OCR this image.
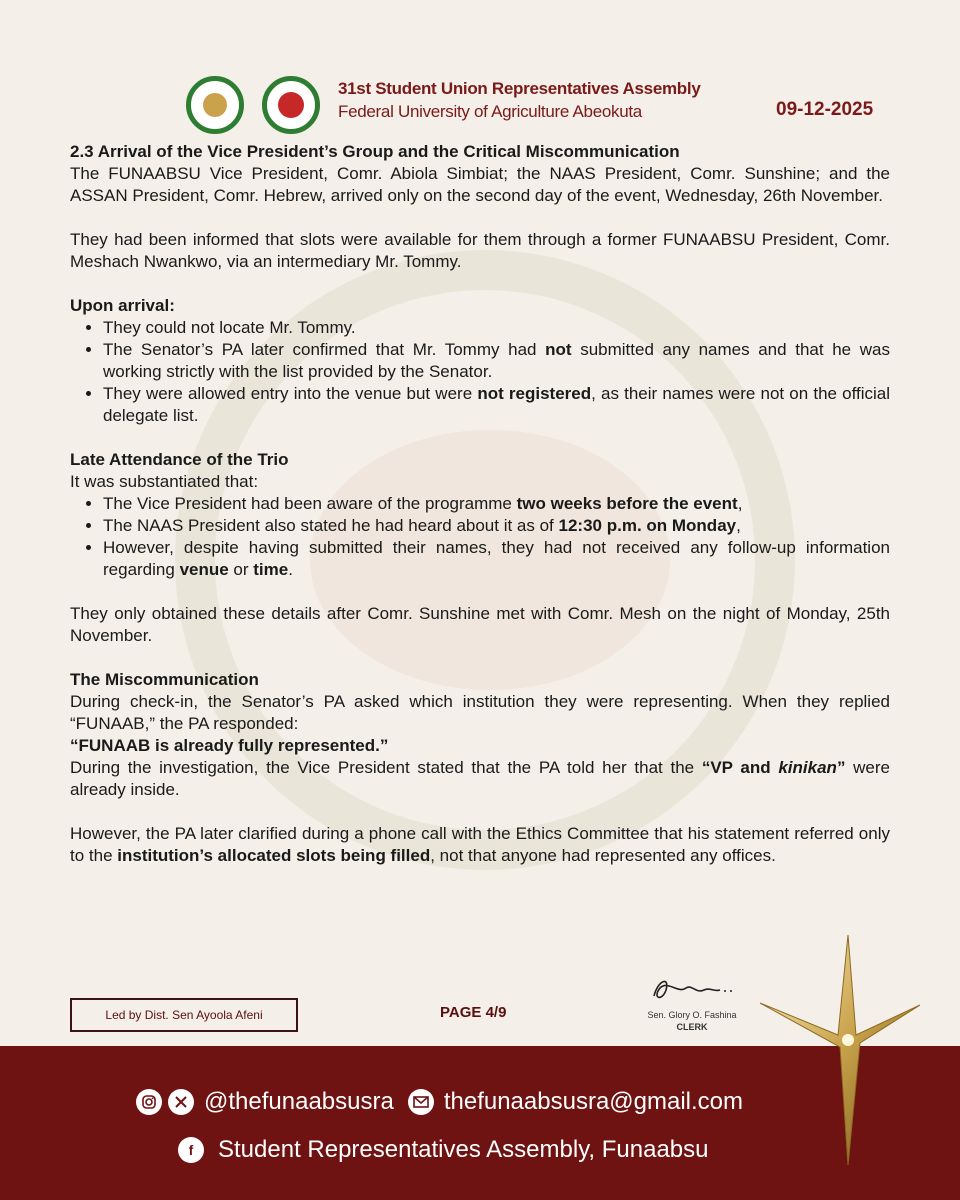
31st Student Union Representatives Assembly
Federal University of Agriculture Abeokuta	09-12-2025
2.3 Arrival of the Vice President’s Group and the Critical Miscommunication

The FUNAABSU Vice President, Comr. Abiola Simbiat; the NAAS President, Comr. Sunshine; and the ASSAN President, Comr. Hebrew, arrived only on the second day of the event, Wednesday, 26th November.

They had been informed that slots were available for them through a former FUNAABSU President, Comr. Meshach Nwankwo, via an intermediary Mr. Tommy.

Upon arrival:
• They could not locate Mr. Tommy.
• The Senator’s PA later confirmed that Mr. Tommy had not submitted any names and that he was working strictly with the list provided by the Senator.
• They were allowed entry into the venue but were not registered, as their names were not on the official delegate list.
Late Attendance of the Trio

It was substantiated that:

• The Vice President had been aware of the programme two weeks before the event,
• The NAAS President also stated he had heard about it as of 12:30 p.m. on Monday,
• However, despite having submitted their names, they had not received any follow-up information regarding venue or time.

They only obtained these details after Comr. Sunshine met with Comr. Mesh on the night of Monday, 25th November.

The Miscommunication

During check-in, the Senator’s PA asked which institution they were representing. When they replied “FUNAAB,” the PA responded:

“FUNAAB is already fully represented.”

During the investigation, the Vice President stated that the PA told her that the “VP and kinikan” were already inside.

However, the PA later clarified during a phone call with the Ethics Committee that his statement referred only to the institution’s allocated slots being filled, not that anyone had represented any offices.

Led by Dist. Sen Ayoola Afeni	PAGE 4/9	Sen. Glory O. Fashina
CLERK
@thefunaabsusra thefunaabsusra@gmail.com
f	Student Representatives Assembly, Funaabsu
